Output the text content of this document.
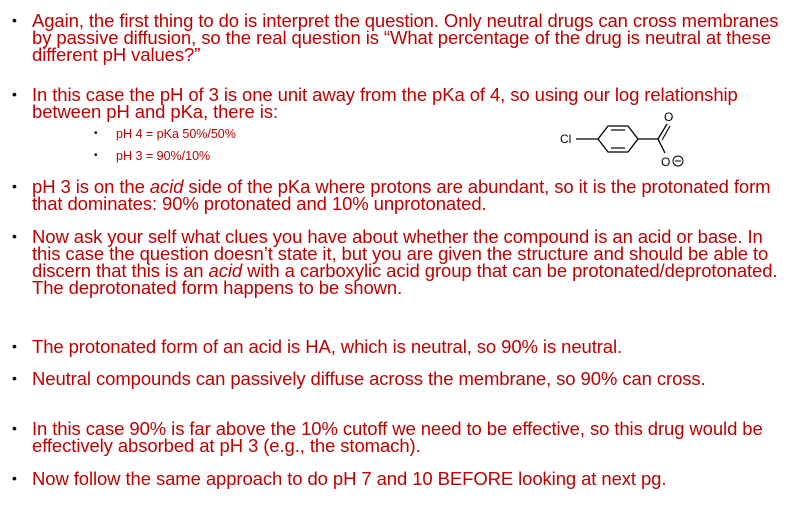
• Again, the first thing to do is interpret the question. Only neutral drugs can cross membranes by passive diffusion, so the real question is “What percentage of the drug is neutral at these different pH values?”
• In this case the pH of 3 is one unit away from the pKa of 4, so using our log relationship between pH and pKa, there is:
• pH 4 = pKa 50%/50%
• pH 3 = 90%/10%
Cl
O
O
• pH 3 is on the acid side of the pKa where protons are abundant, so it is the protonated form that dominates: 90% protonated and 10% unprotonated.
• Now ask your self what clues you have about whether the compound is an acid or base. In this case the question doesn’t state it, but you are given the structure and should be able to discern that this is an acid with a carboxylic acid group that can be protonated/deprotonated. The deprotonated form happens to be shown.
• The protonated form of an acid is HA, which is neutral, so 90% is neutral.
• Neutral compounds can passively diffuse across the membrane, so 90% can cross.
• In this case 90% is far above the 10% cutoff we need to be effective, so this drug would be effectively absorbed at pH 3 (e.g., the stomach).
• Now follow the same approach to do pH 7 and 10 BEFORE looking at next pg.
